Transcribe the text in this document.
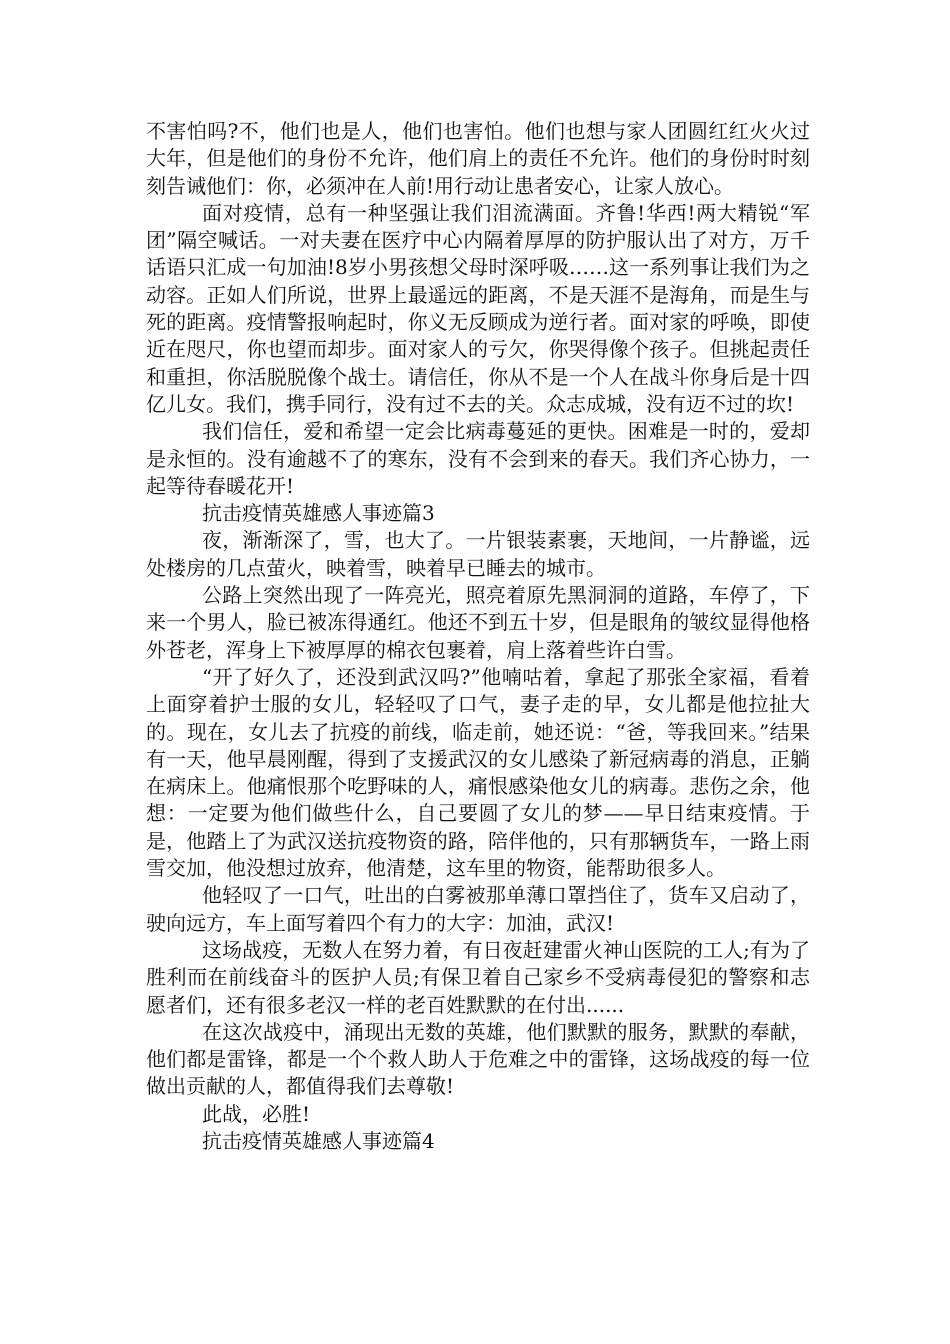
不害怕吗?不，他们也是人，他们也害怕。他们也想与家人团圆红红火火过大年，但是他们的身份不允许，他们肩上的责任不允许。他们的身份时时刻刻告诫他们：你，必须冲在人前!用行动让患者安心，让家人放心。

面对疫情，总有一种坚强让我们泪流满面。齐鲁!华西!两大精锐“军团”隔空喊话。一对夫妻在医疗中心内隔着厚厚的防护服认出了对方，万千话语只汇成一句加油!8岁小男孩想父母时深呼吸……这一系列事让我们为之动容。正如人们所说，世界上最遥远的距离，不是天涯不是海角，而是生与死的距离。疫情警报响起时，你义无反顾成为逆行者。面对家的呼唤，即使近在咫尺，你也望而却步。面对家人的亏欠，你哭得像个孩子。但挑起责任和重担，你活脱脱像个战士。请信任，你从不是一个人在战斗你身后是十四亿儿女。我们，携手同行，没有过不去的关。众志成城，没有迈不过的坎!

我们信任，爱和希望一定会比病毒蔓延的更快。困难是一时的，爱却是永恒的。没有逾越不了的寒东，没有不会到来的春天。我们齐心协力，一起等待春暖花开!

抗击疫情英雄感人事迹篇3

夜，渐渐深了，雪，也大了。一片银装素裹，天地间，一片静谧，远处楼房的几点萤火，映着雪，映着早已睡去的城市。

公路上突然出现了一阵亮光，照亮着原先黑洞洞的道路，车停了，下来一个男人，脸已被冻得通红。他还不到五十岁，但是眼角的皱纹显得他格外苍老，浑身上下被厚厚的棉衣包裹着，肩上落着些许白雪。

“开了好久了，还没到武汉吗?”他喃咕着，拿起了那张全家福，看着上面穿着护士服的女儿，轻轻叹了口气，妻子走的早，女儿都是他拉扯大的。现在，女儿去了抗疫的前线，临走前，她还说：“爸，等我回来。”结果有一天，他早晨刚醒，得到了支援武汉的女儿感染了新冠病毒的消息，正躺在病床上。他痛恨那个吃野味的人，痛恨感染他女儿的病毒。悲伤之余，他想：一定要为他们做些什么，自己要圆了女儿的梦——早日结束疫情。于是，他踏上了为武汉送抗疫物资的路，陪伴他的，只有那辆货车，一路上雨雪交加，他没想过放弃，他清楚，这车里的物资，能帮助很多人。

他轻叹了一口气，吐出的白雾被那单薄口罩挡住了，货车又启动了，驶向远方，车上面写着四个有力的大字：加油，武汉!

这场战疫，无数人在努力着，有日夜赶建雷火神山医院的工人;有为了胜利而在前线奋斗的医护人员;有保卫着自己家乡不受病毒侵犯的警察和志愿者们，还有很多老汉一样的老百姓默默的在付出......

在这次战疫中，涌现出无数的英雄，他们默默的服务，默默的奉献，他们都是雷锋，都是一个个救人助人于危难之中的雷锋，这场战疫的每一位做出贡献的人，都值得我们去尊敬!

此战，必胜!

抗击疫情英雄感人事迹篇4
